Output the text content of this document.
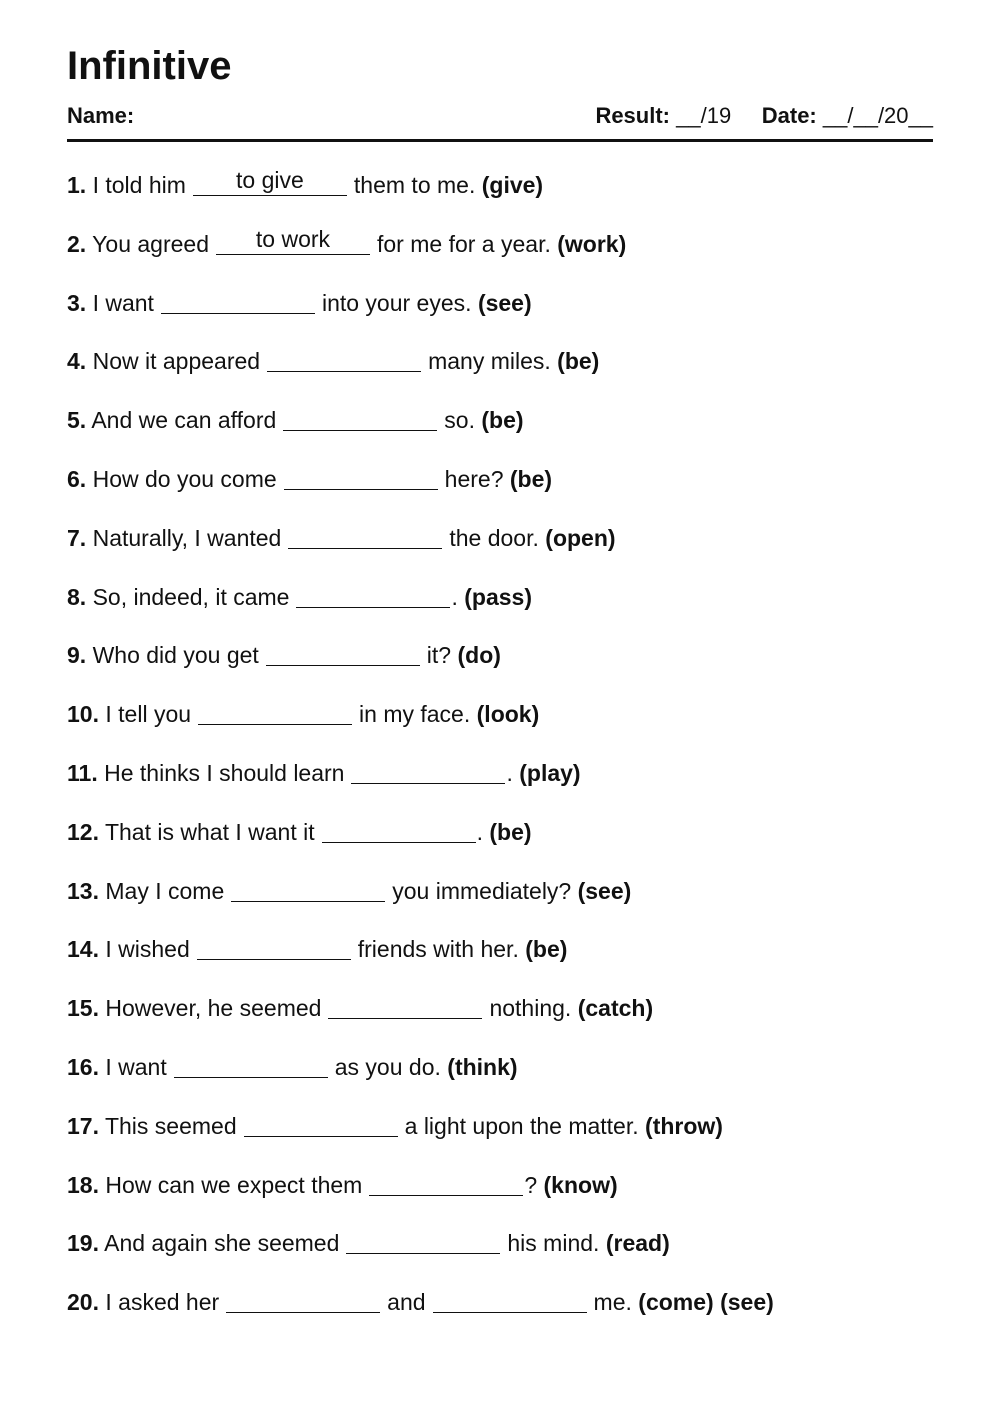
Infinitive
Name:	Result: __/19 Date: __/__/20__
1. I told him	to give	them to me. (give)
2. You agreed	to work	for me for a year. (work)
3. I want	into your eyes. (see)
4. Now it appeared	many miles. (be)
5. And we can afford	so. (be)
6. How do you come	here? (be)
7. Naturally, I wanted	the door. (open)
8. So, indeed, it came	. (pass)
9. Who did you get	it? (do)
10. I tell you	in my face. (look)
11. He thinks I should learn	. (play)
12. That is what I want it	. (be)
13. May I come	you immediately? (see)
14. I wished	friends with her. (be)
15. However, he seemed	nothing. (catch)
16. I want	as you do. (think)
17. This seemed	a light upon the matter. (throw)
18. How can we expect them	? (know)
19. And again she seemed	his mind. (read)
20. I asked her	and	me. (come) (see)
